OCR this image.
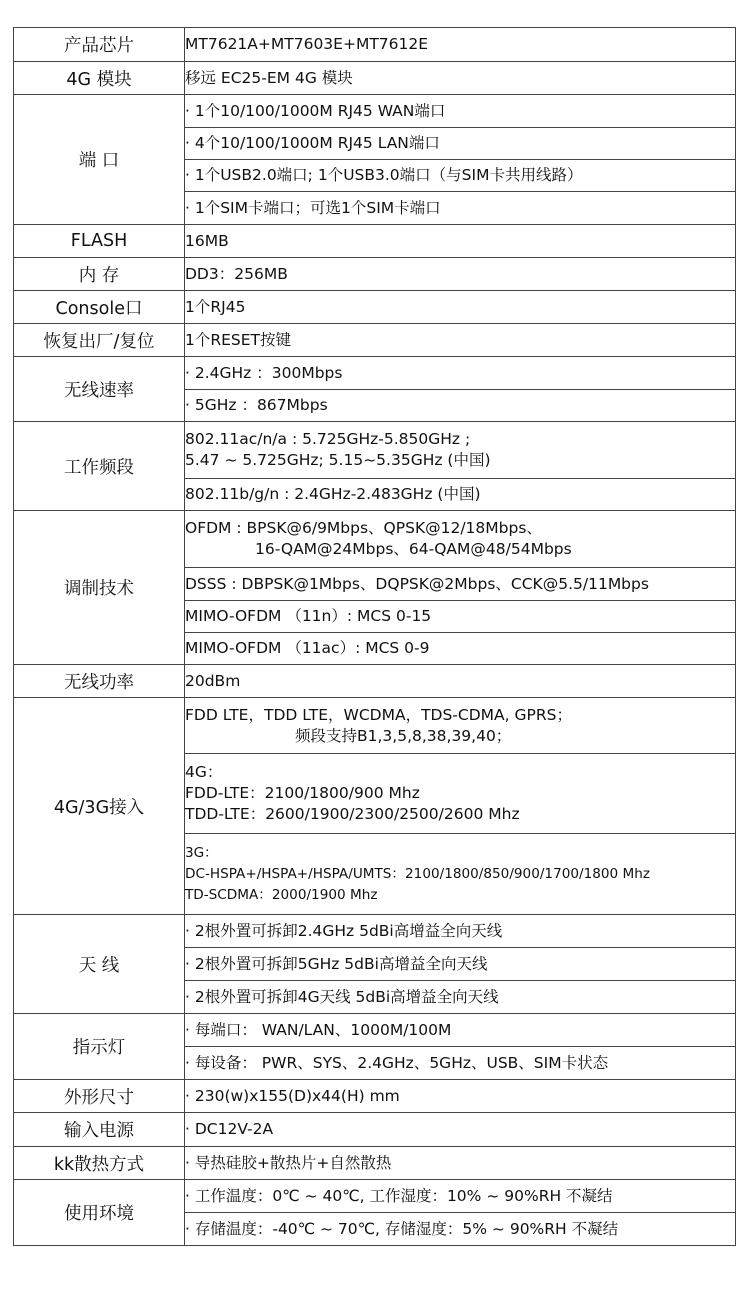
产品芯片	MT7621A+MT7603E+MT7612E
4G 模块	移远 EC25-EM 4G 模块
端 口	· 1个10/100/1000M RJ45 WAN端口
	· 4个10/100/1000M RJ45 LAN端口
	· 1个USB2.0端口; 1个USB3.0端口（与SIM卡共用线路）
	· 1个SIM卡端口；可选1个SIM卡端口
FLASH	16MB
内 存	DD3：256MB
Console口	1个RJ45
恢复出厂/复位	1个RESET按键
无线速率	· 2.4GHz ：300Mbps
	· 5GHz ：867Mbps
工作频段	802.11ac/n/a : 5.725GHz-5.850GHz ;
5.47 ~ 5.725GHz; 5.15~5.35GHz (中国)

	802.11b/g/n : 2.4GHz-2.483GHz (中国)
调制技术	OFDM : BPSK@6/9Mbps、QPSK@12/18Mbps、
16-QAM@24Mbps、64-QAM@48/54Mbps

	DSSS : DBPSK@1Mbps、DQPSK@2Mbps、CCK@5.5/11Mbps
	MIMO-OFDM （11n）: MCS 0-15
	MIMO-OFDM （11ac）: MCS 0-9
无线功率	20dBm
4G/3G接入	FDD LTE，TDD LTE，WCDMA，TDS-CDMA, GPRS；
频段支持B1,3,5,8,38,39,40；

	4G：
FDD-LTE：2100/1800/900 Mhz
TDD-LTE：2600/1900/2300/2500/2600 Mhz

	3G：
DC-HSPA+/HSPA+/HSPA/UMTS：2100/1800/850/900/1700/1800 Mhz
TD-SCDMA：2000/1900 Mhz

天 线	· 2根外置可拆卸2.4GHz 5dBi高增益全向天线
	· 2根外置可拆卸5GHz 5dBi高增益全向天线
	· 2根外置可拆卸4G天线 5dBi高增益全向天线
指示灯	· 每端口： WAN/LAN、1000M/100M
	· 每设备： PWR、SYS、2.4GHz、5GHz、USB、SIM卡状态
外形尺寸	· 230(w)x155(D)x44(H) mm
输入电源	· DC12V-2A
kk散热方式	· 导热硅胶+散热片+自然散热
使用环境	· 工作温度：0℃ ~ 40℃, 工作湿度：10% ~ 90%RH 不凝结
	· 存储温度：-40℃ ~ 70℃, 存储湿度：5% ~ 90%RH 不凝结
